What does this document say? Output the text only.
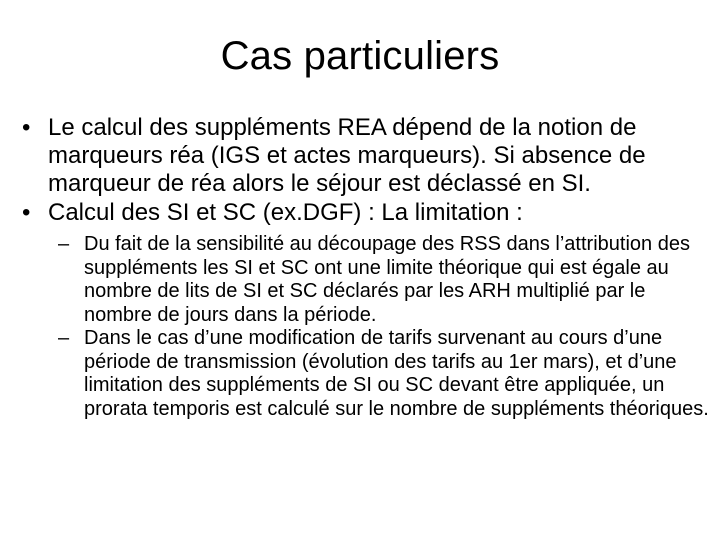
Cas particuliers
• Le calcul des suppléments REA dépend de la notion de marqueurs réa (IGS et actes marqueurs). Si absence de marqueur de réa alors le séjour est déclassé en SI.
• Calcul des SI et SC (ex.DGF) : La limitation :
– Du fait de la sensibilité au découpage des RSS dans l’attribution des suppléments les SI et SC ont une limite théorique qui est égale au nombre de lits de SI et SC déclarés par les ARH multiplié par le nombre de jours dans la période.
– Dans le cas d’une modification de tarifs survenant au cours d’une période de transmission (évolution des tarifs au 1er mars), et d’une limitation des suppléments de SI ou SC devant être appliquée, un prorata temporis est calculé sur le nombre de suppléments théoriques.
